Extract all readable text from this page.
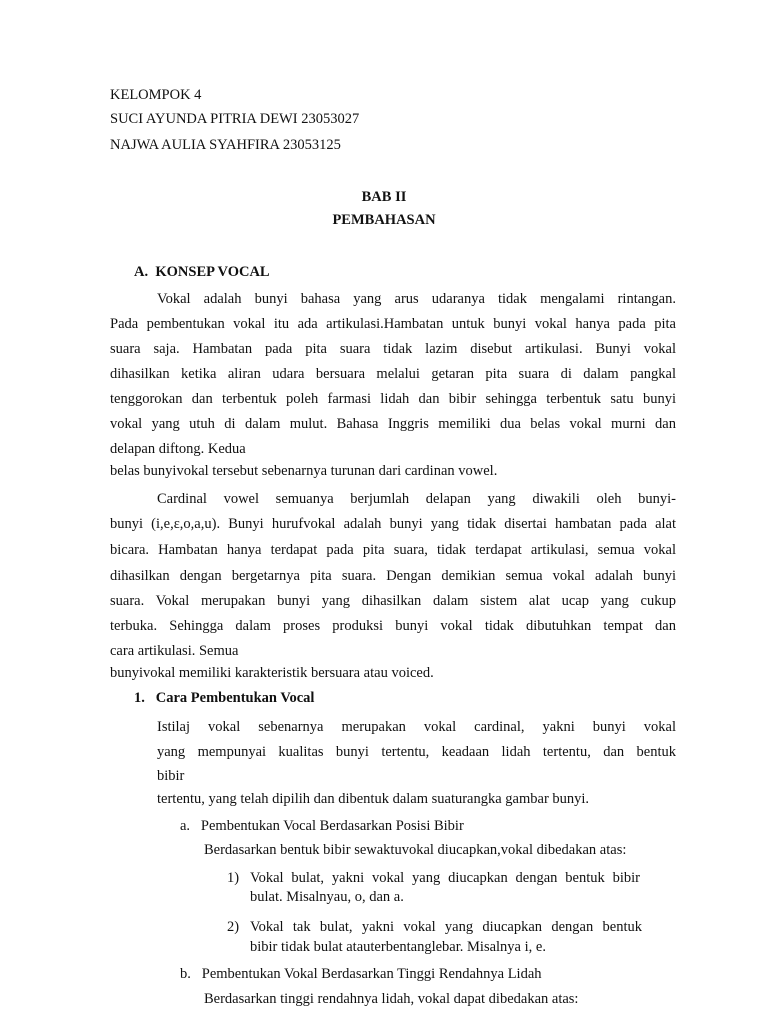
KELOMPOK 4
SUCI AYUNDA PITRIA DEWI 23053027
NAJWA AULIA SYAHFIRA 23053125
BAB II
PEMBAHASAN
A.  KONSEP VOCAL
Vokal adalah bunyi bahasa yang arus udaranya tidak mengalami rintangan.
Pada pembentukan vokal itu ada artikulasi.Hambatan untuk bunyi vokal hanya pada pita
suara saja. Hambatan pada pita suara tidak lazim disebut artikulasi. Bunyi vokal
dihasilkan ketika aliran udara bersuara melalui getaran pita suara di dalam pangkal
tenggorokan dan terbentuk poleh farmasi lidah dan bibir sehingga terbentuk satu bunyi
vokal yang utuh di dalam mulut. Bahasa Inggris memiliki dua belas vokal murni dan
delapan diftong. Kedua
belas bunyivokal tersebut sebenarnya turunan dari cardinan vowel.
Cardinal vowel semuanya berjumlah delapan yang diwakili oleh bunyi-
bunyi (i,e,ɛ,o,a,u). Bunyi hurufvokal adalah bunyi yang tidak disertai hambatan pada alat
bicara. Hambatan hanya terdapat pada pita suara, tidak terdapat artikulasi, semua vokal
dihasilkan dengan bergetarnya pita suara. Dengan demikian semua vokal adalah bunyi
suara. Vokal merupakan bunyi yang dihasilkan dalam sistem alat ucap yang cukup
terbuka. Sehingga dalam proses produksi bunyi vokal tidak dibutuhkan tempat dan
cara artikulasi. Semua
bunyivokal memiliki karakteristik bersuara atau voiced.
1.   Cara Pembentukan Vocal
Istilaj vokal sebenarnya merupakan vokal cardinal, yakni bunyi vokal
yang mempunyai kualitas bunyi tertentu, keadaan lidah tertentu, dan bentuk
bibir
tertentu, yang telah dipilih dan dibentuk dalam suaturangka gambar bunyi.
a.   Pembentukan Vocal Berdasarkan Posisi Bibir
Berdasarkan bentuk bibir sewaktuvokal diucapkan,vokal dibedakan atas:
1) Vokal bulat, yakni vokal yang diucapkan dengan bentuk bibir
bulat. Misalnyau, o, dan a.
2) Vokal tak bulat, yakni vokal yang diucapkan dengan bentuk
bibir tidak bulat atauterbentanglebar. Misalnya i, e.
b.   Pembentukan Vokal Berdasarkan Tinggi Rendahnya Lidah
Berdasarkan tinggi rendahnya lidah, vokal dapat dibedakan atas:
